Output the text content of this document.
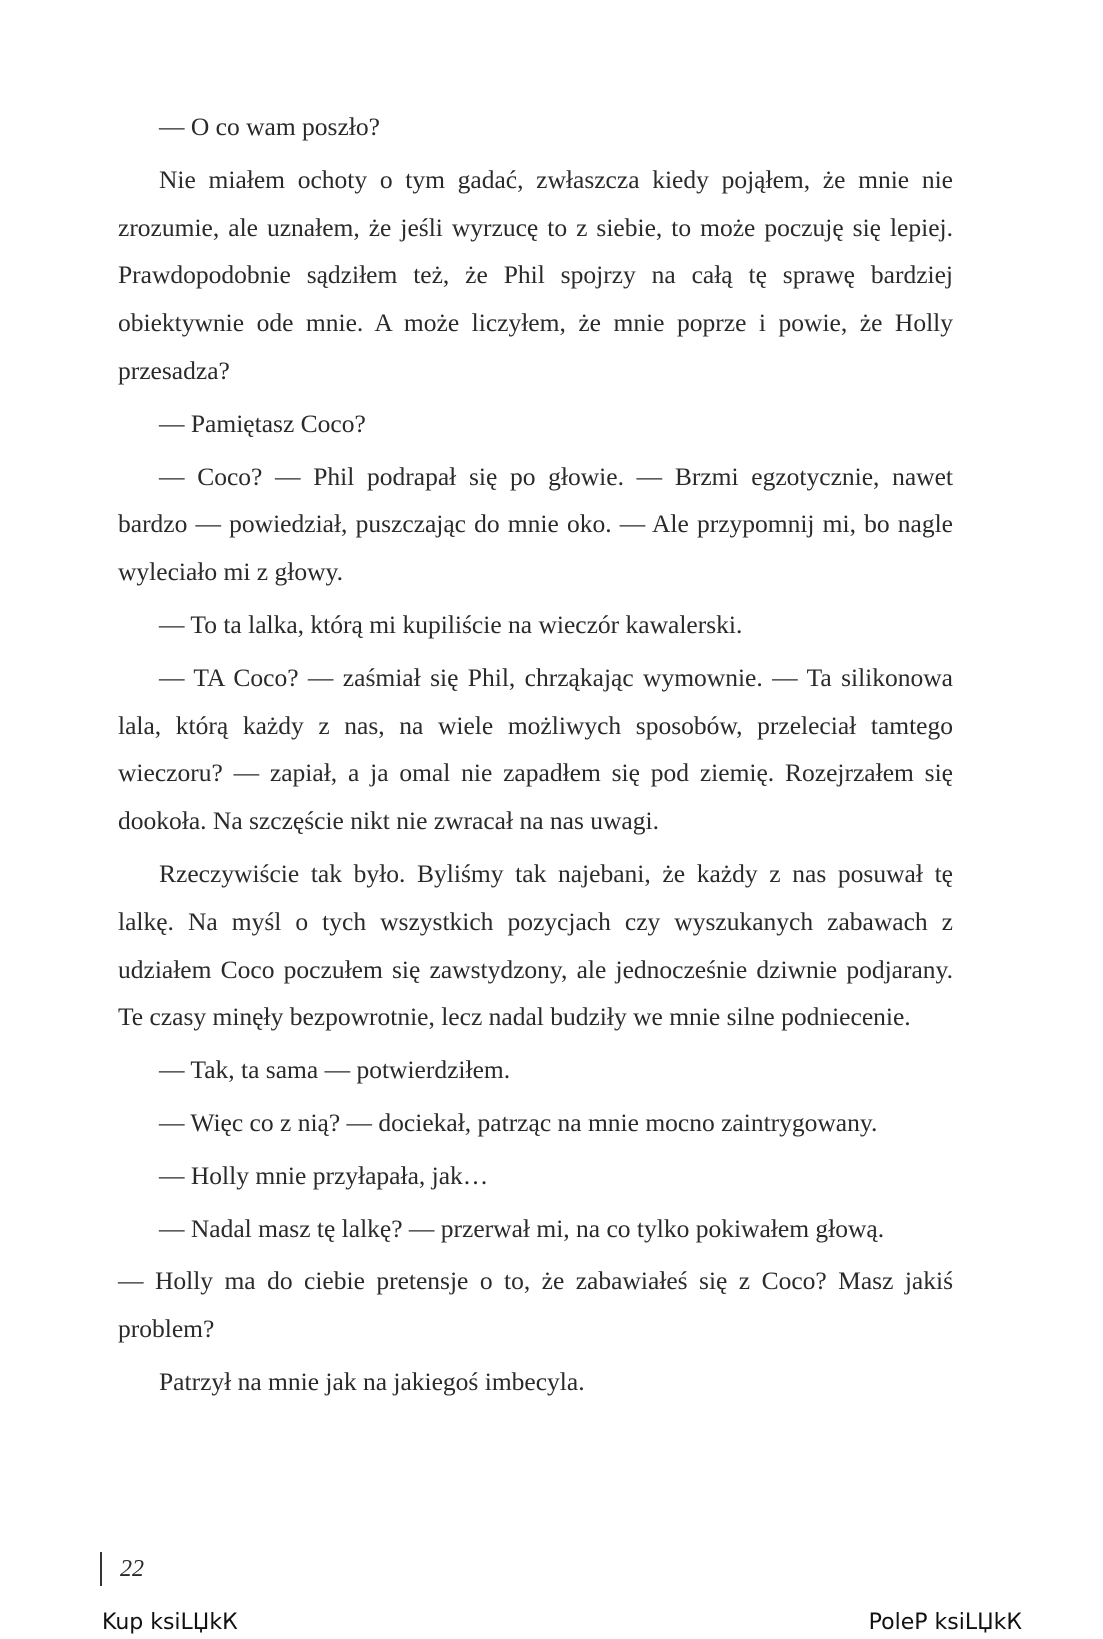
— O co wam poszło?

Nie miałem ochoty o tym gadać, zwłaszcza kiedy pojąłem, że mnie nie zrozumie, ale uznałem, że jeśli wyrzucę to z siebie, to może poczuję się lepiej. Prawdopodobnie sądziłem też, że Phil spojrzy na całą tę sprawę bardziej obiektywnie ode mnie. A może liczyłem, że mnie poprze i powie, że Holly przesadza?

— Pamiętasz Coco?

— Coco? — Phil podrapał się po głowie. — Brzmi egzotycznie, nawet bardzo — powiedział, puszczając do mnie oko. — Ale przypomnij mi, bo nagle wyleciało mi z głowy.

— To ta lalka, którą mi kupiliście na wieczór kawalerski.

— TA Coco? — zaśmiał się Phil, chrząkając wymownie. — Ta silikonowa lala, którą każdy z nas, na wiele możliwych sposobów, przeleciał tamtego wieczoru? — zapiał, a ja omal nie zapadłem się pod ziemię. Rozejrzałem się dookoła. Na szczęście nikt nie zwracał na nas uwagi.

Rzeczywiście tak było. Byliśmy tak najebani, że każdy z nas posuwał tę lalkę. Na myśl o tych wszystkich pozycjach czy wyszukanych zabawach z udziałem Coco poczułem się zawstydzony, ale jednocześnie dziwnie podjarany. Te czasy minęły bezpowrotnie, lecz nadal budziły we mnie silne podniecenie.

— Tak, ta sama — potwierdziłem.

— Więc co z nią? — dociekał, patrząc na mnie mocno zaintrygowany.

— Holly mnie przyłapała, jak…

— Nadal masz tę lalkę? — przerwał mi, na co tylko pokiwałem głową.

— Holly ma do ciebie pretensje o to, że zabawiałeś się z Coco? Masz jakiś problem?

Patrzył na mnie jak na jakiegoś imbecyla.

22
Kup ksiLЏkК	PoleР ksiLЏkК
